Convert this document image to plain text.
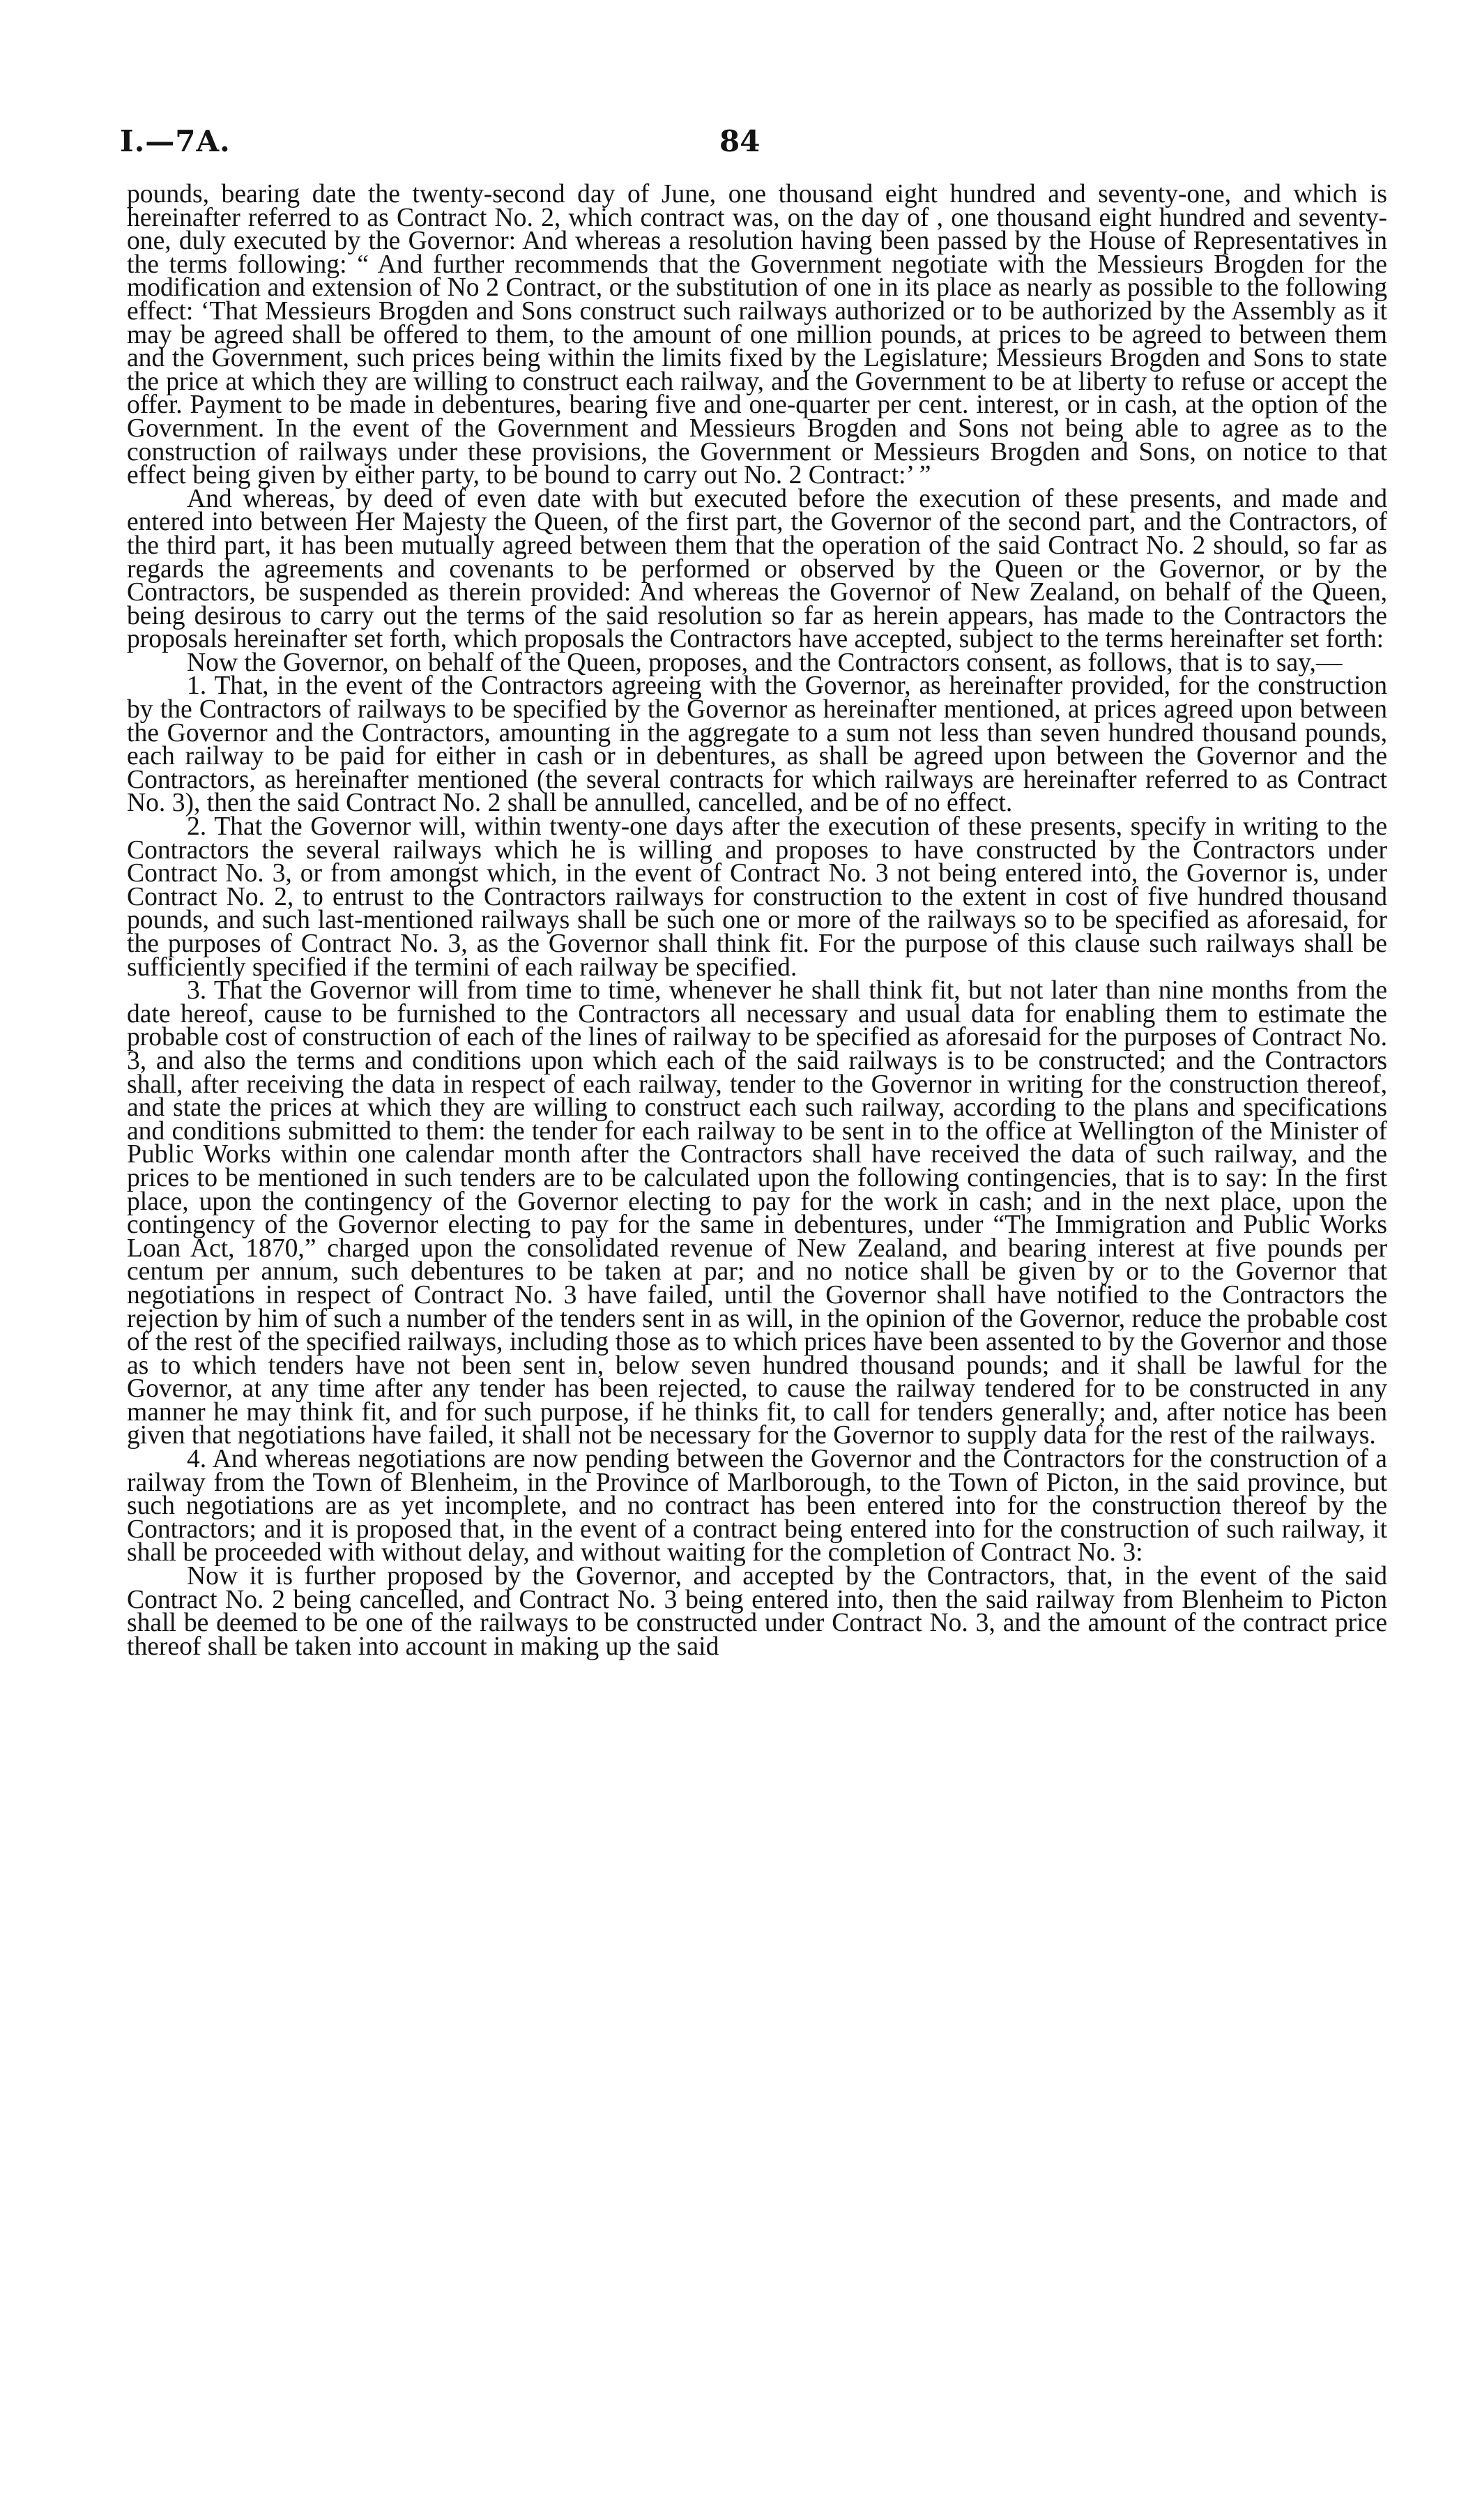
I.—7A.	84

pounds, bearing date the twenty-second day of June, one thousand eight hundred and seventy-one, and which is hereinafter referred to as Contract No. 2, which contract was, on the day of , one thousand eight hundred and seventy-one, duly executed by the Governor: And whereas a resolution having been passed by the House of Representatives in the terms following: “ And further recommends that the Government negotiate with the Messieurs Brogden for the modification and extension of No 2 Contract, or the substitution of one in its place as nearly as possible to the following effect: ‘That Messieurs Brogden and Sons construct such railways authorized or to be authorized by the Assembly as it may be agreed shall be offered to them, to the amount of one million pounds, at prices to be agreed to between them and the Government, such prices being within the limits fixed by the Legislature; Messieurs Brogden and Sons to state the price at which they are willing to construct each railway, and the Government to be at liberty to refuse or accept the offer. Payment to be made in debentures, bearing five and one-quarter per cent. interest, or in cash, at the option of the Government. In the event of the Government and Messieurs Brogden and Sons not being able to agree as to the construction of railways under these provisions, the Government or Messieurs Brogden and Sons, on notice to that effect being given by either party, to be bound to carry out No. 2 Contract:’ ”

And whereas, by deed of even date with but executed before the execution of these presents, and made and entered into between Her Majesty the Queen, of the first part, the Governor of the second part, and the Contractors, of the third part, it has been mutually agreed between them that the operation of the said Contract No. 2 should, so far as regards the agreements and covenants to be performed or observed by the Queen or the Governor, or by the Contractors, be suspended as therein provided: And whereas the Governor of New Zealand, on behalf of the Queen, being desirous to carry out the terms of the said resolution so far as herein appears, has made to the Contractors the proposals hereinafter set forth, which proposals the Contractors have accepted, subject to the terms hereinafter set forth:

Now the Governor, on behalf of the Queen, proposes, and the Contractors consent, as follows, that is to say,—

1. That, in the event of the Contractors agreeing with the Governor, as hereinafter provided, for the construction by the Contractors of railways to be specified by the Governor as hereinafter mentioned, at prices agreed upon between the Governor and the Contractors, amounting in the aggregate to a sum not less than seven hundred thousand pounds, each railway to be paid for either in cash or in debentures, as shall be agreed upon between the Governor and the Contractors, as hereinafter mentioned (the several contracts for which railways are hereinafter referred to as Contract No. 3), then the said Contract No. 2 shall be annulled, cancelled, and be of no effect.

2. That the Governor will, within twenty-one days after the execution of these presents, specify in writing to the Contractors the several railways which he is willing and proposes to have constructed by the Contractors under Contract No. 3, or from amongst which, in the event of Contract No. 3 not being entered into, the Governor is, under Contract No. 2, to entrust to the Contractors railways for construction to the extent in cost of five hundred thousand pounds, and such last-mentioned railways shall be such one or more of the railways so to be specified as aforesaid, for the purposes of Contract No. 3, as the Governor shall think fit. For the purpose of this clause such railways shall be sufficiently specified if the termini of each railway be specified.

3. That the Governor will from time to time, whenever he shall think fit, but not later than nine months from the date hereof, cause to be furnished to the Contractors all necessary and usual data for enabling them to estimate the probable cost of construction of each of the lines of railway to be specified as aforesaid for the purposes of Contract No. 3, and also the terms and conditions upon which each of the said railways is to be constructed; and the Contractors shall, after receiving the data in respect of each railway, tender to the Governor in writing for the construction thereof, and state the prices at which they are willing to construct each such railway, according to the plans and specifications and conditions submitted to them: the tender for each railway to be sent in to the office at Wellington of the Minister of Public Works within one calendar month after the Contractors shall have received the data of such railway, and the prices to be mentioned in such tenders are to be calculated upon the following contingencies, that is to say: In the first place, upon the contingency of the Governor electing to pay for the work in cash; and in the next place, upon the contingency of the Governor electing to pay for the same in debentures, under “The Immigration and Public Works Loan Act, 1870,” charged upon the consolidated revenue of New Zealand, and bearing interest at five pounds per centum per annum, such debentures to be taken at par; and no notice shall be given by or to the Governor that negotiations in respect of Contract No. 3 have failed, until the Governor shall have notified to the Contractors the rejection by him of such a number of the tenders sent in as will, in the opinion of the Governor, reduce the probable cost of the rest of the specified railways, including those as to which prices have been assented to by the Governor and those as to which tenders have not been sent in, below seven hundred thousand pounds; and it shall be lawful for the Governor, at any time after any tender has been rejected, to cause the railway tendered for to be constructed in any manner he may think fit, and for such purpose, if he thinks fit, to call for tenders generally; and, after notice has been given that negotiations have failed, it shall not be necessary for the Governor to supply data for the rest of the railways.

4. And whereas negotiations are now pending between the Governor and the Contractors for the construction of a railway from the Town of Blenheim, in the Province of Marlborough, to the Town of Picton, in the said province, but such negotiations are as yet incomplete, and no contract has been entered into for the construction thereof by the Contractors; and it is proposed that, in the event of a contract being entered into for the construction of such railway, it shall be proceeded with without delay, and without waiting for the completion of Contract No. 3:

Now it is further proposed by the Governor, and accepted by the Contractors, that, in the event of the said Contract No. 2 being cancelled, and Contract No. 3 being entered into, then the said railway from Blenheim to Picton shall be deemed to be one of the railways to be constructed under Contract No. 3, and the amount of the contract price thereof shall be taken into account in making up the said
